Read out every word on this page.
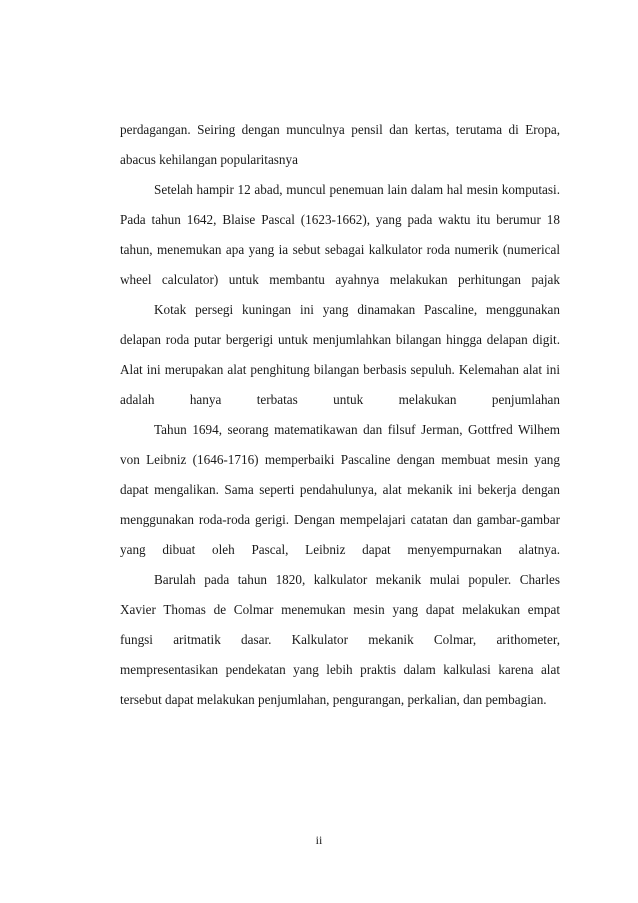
perdagangan. Seiring dengan munculnya pensil dan kertas, terutama di Eropa,
abacus kehilangan popularitasnya
Setelah hampir 12 abad, muncul penemuan lain dalam hal mesin komputasi.
Pada tahun 1642, Blaise Pascal (1623-1662), yang pada waktu itu berumur 18
tahun, menemukan apa yang ia sebut sebagai kalkulator roda numerik (numerical
wheel calculator) untuk membantu ayahnya melakukan perhitungan pajak
Kotak persegi kuningan ini yang dinamakan Pascaline, menggunakan
delapan roda putar bergerigi untuk menjumlahkan bilangan hingga delapan digit.
Alat ini merupakan alat penghitung bilangan berbasis sepuluh. Kelemahan alat ini
adalah hanya terbatas untuk melakukan penjumlahan
Tahun 1694, seorang matematikawan dan filsuf Jerman, Gottfred Wilhem
von Leibniz (1646-1716) memperbaiki Pascaline dengan membuat mesin yang
dapat mengalikan. Sama seperti pendahulunya, alat mekanik ini bekerja dengan
menggunakan roda-roda gerigi. Dengan mempelajari catatan dan gambar-gambar
yang dibuat oleh Pascal, Leibniz dapat menyempurnakan alatnya.
Barulah pada tahun 1820, kalkulator mekanik mulai populer. Charles
Xavier Thomas de Colmar menemukan mesin yang dapat melakukan empat
fungsi aritmatik dasar. Kalkulator mekanik Colmar, arithometer,
mempresentasikan pendekatan yang lebih praktis dalam kalkulasi karena alat
tersebut dapat melakukan penjumlahan, pengurangan, perkalian, dan pembagian.
ii
